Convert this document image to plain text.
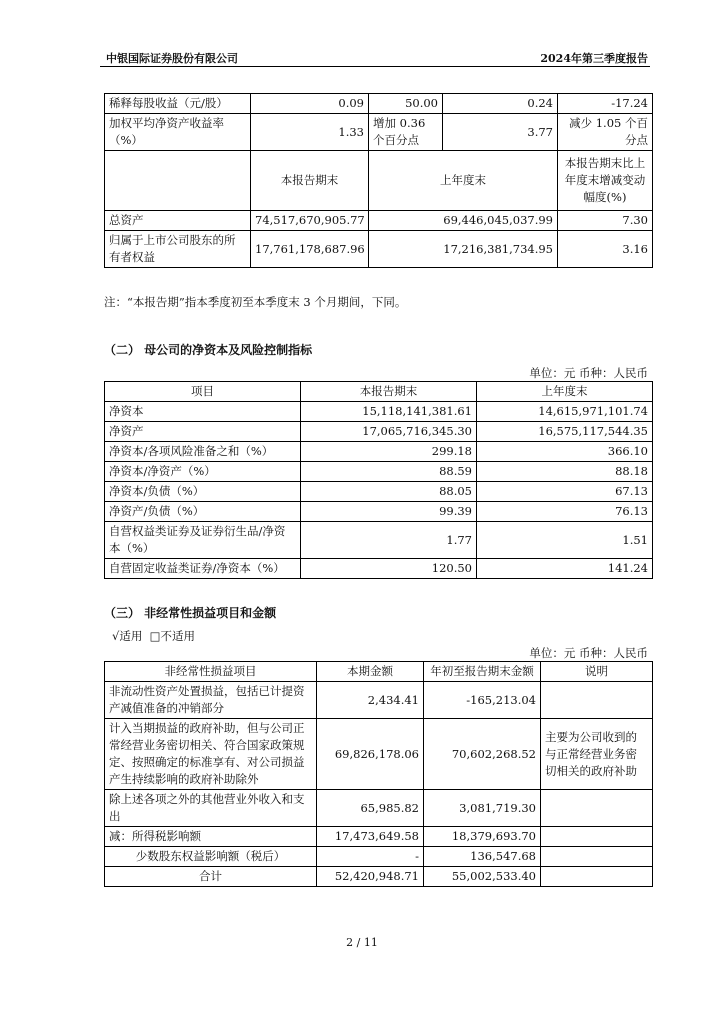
中银国际证券股份有限公司	2024年第三季度报告
稀释每股收益（元/股）	0.09	50.00	0.24	-17.24
加权平均净资产收益率（%）	1.33	增加 0.36 个百分点	3.77	减少 1.05 个百分点
	本报告期末	上年度末		本报告期末比上年度末增减变动幅度(%)
总资产	74,517,670,905.77	69,446,045,037.99		7.30
归属于上市公司股东的所有者权益	17,761,178,687.96	17,216,381,734.95		3.16
注：“本报告期”指本季度初至本季度末 3 个月期间，下同。
（二） 母公司的净资本及风险控制指标
单位：元 币种：人民币
项目	本报告期末	上年度末
净资本	15,118,141,381.61	14,615,971,101.74
净资产	17,065,716,345.30	16,575,117,544.35
净资本/各项风险准备之和（%）	299.18	366.10
净资本/净资产（%）	88.59	88.18
净资本/负债（%）	88.05	67.13
净资产/负债（%）	99.39	76.13
自营权益类证券及证券衍生品/净资本（%）	1.77	1.51
自营固定收益类证券/净资本（%）	120.50	141.24
（三） 非经常性损益项目和金额
√适用 □不适用
单位：元 币种：人民币
非经常性损益项目	本期金额	年初至报告期末金额	说明
非流动性资产处置损益，包括已计提资产减值准备的冲销部分	2,434.41	-165,213.04	
计入当期损益的政府补助，但与公司正常经营业务密切相关、符合国家政策规定、按照确定的标准享有、对公司损益产生持续影响的政府补助除外	69,826,178.06	70,602,268.52	主要为公司收到的与正常经营业务密切相关的政府补助
除上述各项之外的其他营业外收入和支出	65,985.82	3,081,719.30	
减：所得税影响额	17,473,649.58	18,379,693.70	
少数股东权益影响额（税后）	-	136,547.68	
合计	52,420,948.71	55,002,533.40	
2 / 11
